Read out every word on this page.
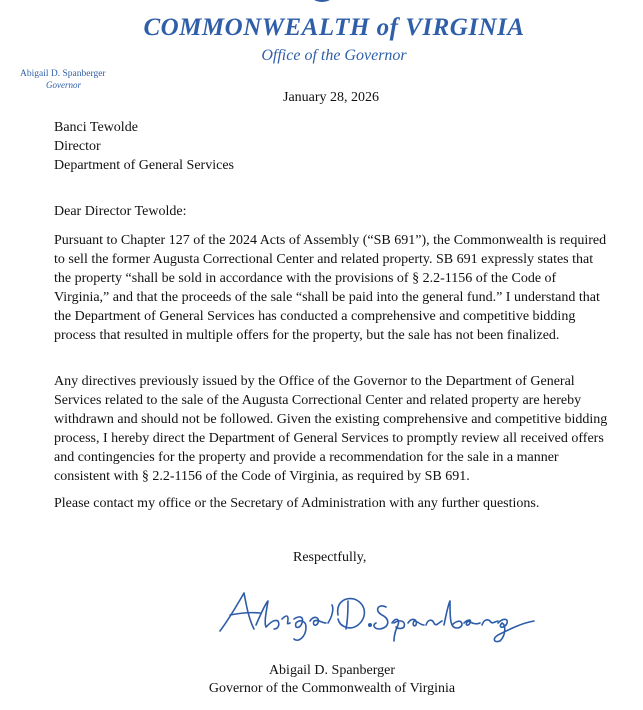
COMMONWEALTH of VIRGINIA
Office of the Governor
Abigail D. Spanberger
Governor
January 28, 2026
Banci Tewolde
Director
Department of General Services
Dear Director Tewolde:
Pursuant to Chapter 127 of the 2024 Acts of Assembly (“SB 691”), the Commonwealth is required to sell the former Augusta Correctional Center and related property. SB 691 expressly states that the property “shall be sold in accordance with the provisions of § 2.2-1156 of the Code of Virginia,” and that the proceeds of the sale “shall be paid into the general fund.” I understand that the Department of General Services has conducted a comprehensive and competitive bidding process that resulted in multiple offers for the property, but the sale has not been finalized.
Any directives previously issued by the Office of the Governor to the Department of General Services related to the sale of the Augusta Correctional Center and related property are hereby withdrawn and should not be followed. Given the existing comprehensive and competitive bidding process, I hereby direct the Department of General Services to promptly review all received offers and contingencies for the property and provide a recommendation for the sale in a manner consistent with § 2.2-1156 of the Code of Virginia, as required by SB 691.
Please contact my office or the Secretary of Administration with any further questions.
Respectfully,
Abigail D. Spanberger
Governor of the Commonwealth of Virginia
